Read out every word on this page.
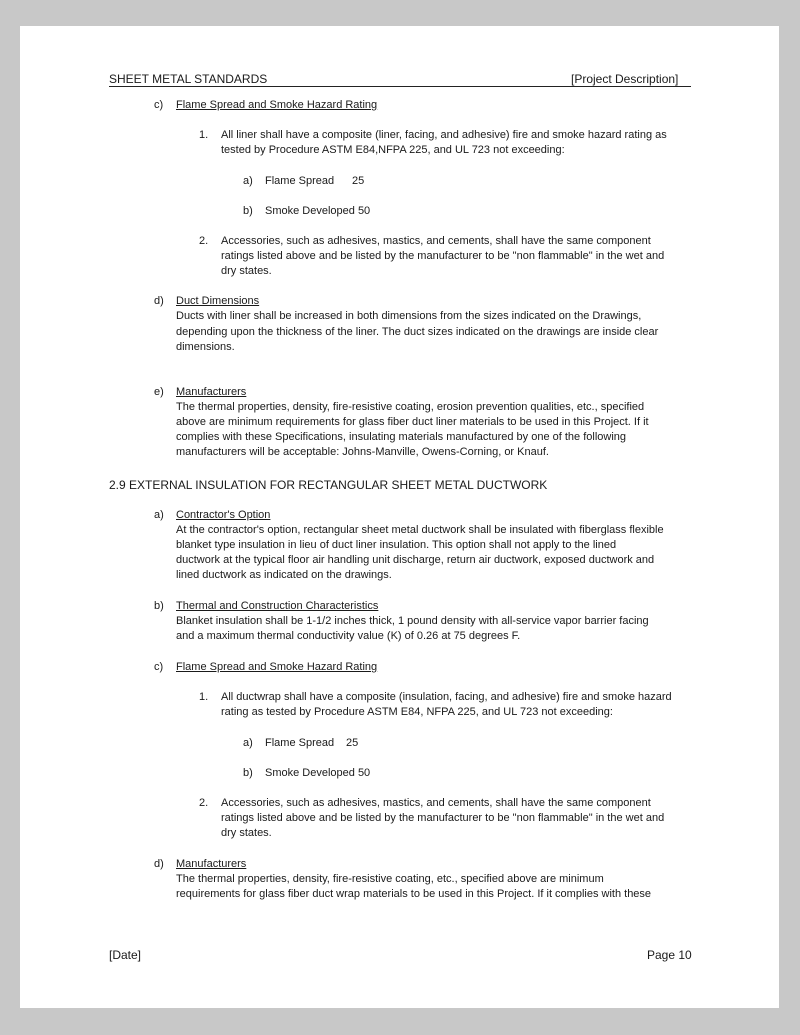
SHEET METAL STANDARDS	[Project Description]
c) Flame Spread and Smoke Hazard Rating
1. All liner shall have a composite (liner, facing, and adhesive) fire and smoke hazard rating as
tested by Procedure ASTM E84,NFPA 225, and UL 723 not exceeding:
a) Flame Spread 25
b) Smoke Developed 50
2. Accessories, such as adhesives, mastics, and cements, shall have the same component
ratings listed above and be listed by the manufacturer to be "non flammable" in the wet and
dry states.
d) Duct Dimensions
Ducts with liner shall be increased in both dimensions from the sizes indicated on the Drawings,
depending upon the thickness of the liner. The duct sizes indicated on the drawings are inside clear
dimensions.
e) Manufacturers
The thermal properties, density, fire-resistive coating, erosion prevention qualities, etc., specified
above are minimum requirements for glass fiber duct liner materials to be used in this Project. If it
complies with these Specifications, insulating materials manufactured by one of the following
manufacturers will be acceptable: Johns-Manville, Owens-Corning, or Knauf.
2.9 EXTERNAL INSULATION FOR RECTANGULAR SHEET METAL DUCTWORK
a) Contractor's Option
At the contractor's option, rectangular sheet metal ductwork shall be insulated with fiberglass flexible
blanket type insulation in lieu of duct liner insulation. This option shall not apply to the lined
ductwork at the typical floor air handling unit discharge, return air ductwork, exposed ductwork and
lined ductwork as indicated on the drawings.
b) Thermal and Construction Characteristics
Blanket insulation shall be 1-1/2 inches thick, 1 pound density with all-service vapor barrier facing
and a maximum thermal conductivity value (K) of 0.26 at 75 degrees F.
c) Flame Spread and Smoke Hazard Rating
1. All ductwrap shall have a composite (insulation, facing, and adhesive) fire and smoke hazard
rating as tested by Procedure ASTM E84, NFPA 225, and UL 723 not exceeding:
a) Flame Spread 25
b) Smoke Developed 50
2. Accessories, such as adhesives, mastics, and cements, shall have the same component
ratings listed above and be listed by the manufacturer to be "non flammable" in the wet and
dry states.
d) Manufacturers
The thermal properties, density, fire-resistive coating, etc., specified above are minimum
requirements for glass fiber duct wrap materials to be used in this Project. If it complies with these
[Date]	Page 10
